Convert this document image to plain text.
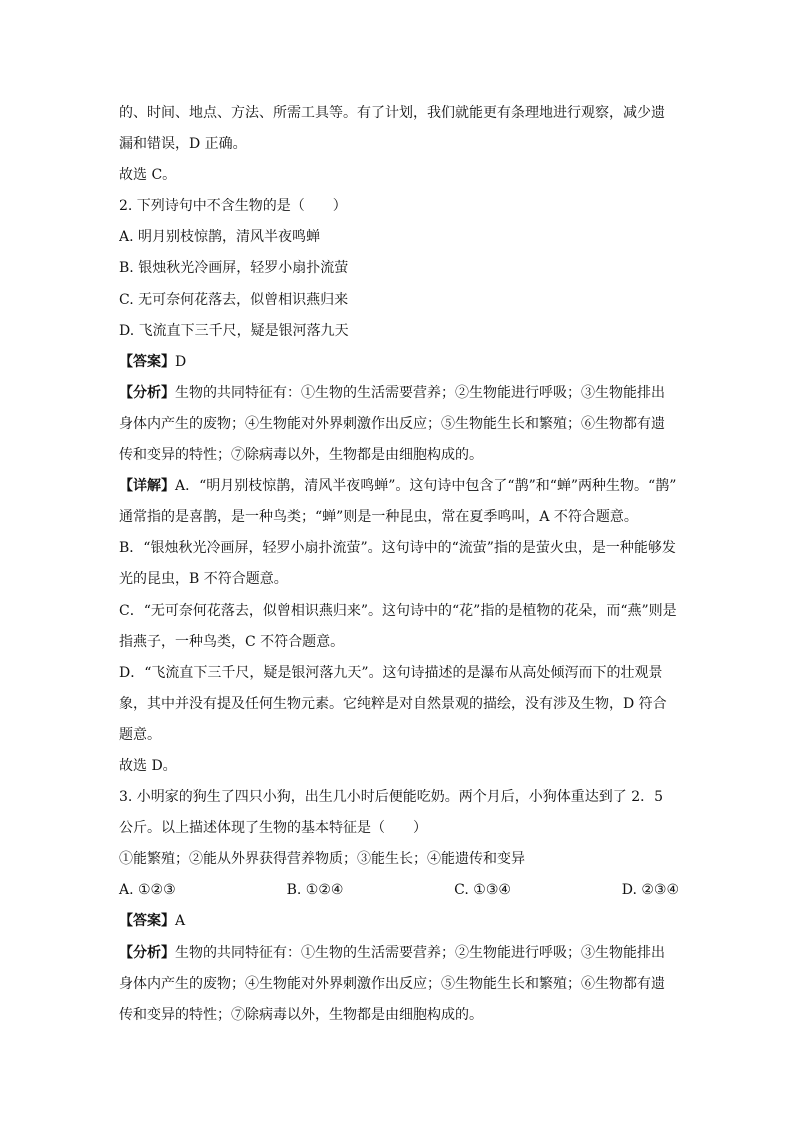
的、时间、地点、方法、所需工具等。有了计划，我们就能更有条理地进行观察，减少遗
漏和错误，D 正确。
故选 C。
2. 下列诗句中不含生物的是（　　）
A. 明月别枝惊鹊，清风半夜鸣蝉
B. 银烛秋光冷画屏，轻罗小扇扑流萤
C. 无可奈何花落去，似曾相识燕归来
D. 飞流直下三千尺，疑是银河落九天
【答案】D
【分析】生物的共同特征有：①生物的生活需要营养；②生物能进行呼吸；③生物能排出
身体内产生的废物；④生物能对外界刺激作出反应；⑤生物能生长和繁殖；⑥生物都有遗
传和变异的特性；⑦除病毒以外，生物都是由细胞构成的。
【详解】A．“明月别枝惊鹊，清风半夜鸣蝉”。这句诗中包含了“鹊”和“蝉”两种生物。“鹊”
通常指的是喜鹊，是一种鸟类；“蝉”则是一种昆虫，常在夏季鸣叫，A 不符合题意。
B．“银烛秋光冷画屏，轻罗小扇扑流萤”。这句诗中的“流萤”指的是萤火虫，是一种能够发
光的昆虫，B 不符合题意。
C．“无可奈何花落去，似曾相识燕归来”。这句诗中的“花”指的是植物的花朵，而“燕”则是
指燕子，一种鸟类，C 不符合题意。
D．“飞流直下三千尺，疑是银河落九天”。这句诗描述的是瀑布从高处倾泻而下的壮观景
象，其中并没有提及任何生物元素。它纯粹是对自然景观的描绘，没有涉及生物，D 符合
题意。
故选 D。
3. 小明家的狗生了四只小狗，出生几小时后便能吃奶。两个月后，小狗体重达到了 2．5
公斤。以上描述体现了生物的基本特征是（　　）
①能繁殖；②能从外界获得营养物质；③能生长；④能遗传和变异
A. ①②③	B. ①②④	C. ①③④	D. ②③④
【答案】A
【分析】生物的共同特征有：①生物的生活需要营养；②生物能进行呼吸；③生物能排出
身体内产生的废物；④生物能对外界刺激作出反应；⑤生物能生长和繁殖；⑥生物都有遗
传和变异的特性；⑦除病毒以外，生物都是由细胞构成的。
